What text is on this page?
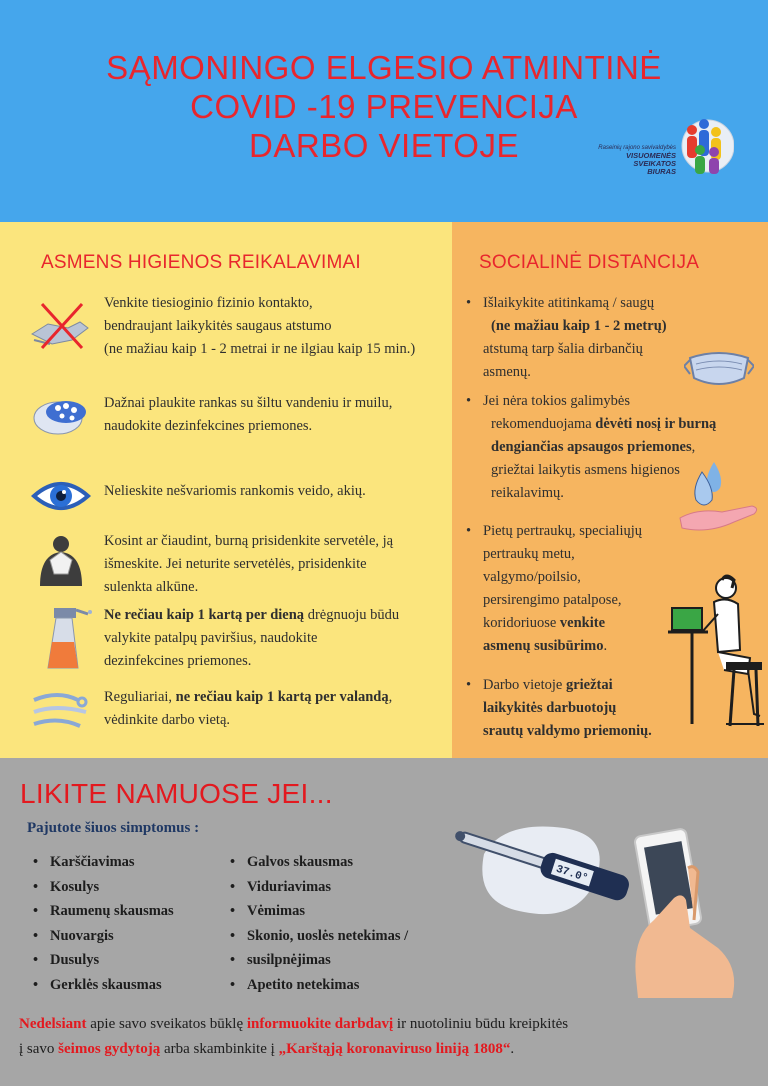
SĄMONINGO ELGESIO ATMINTINĖ
COVID -19 PREVENCIJA
DARBO VIETOJE	Raseinių rajono savivaldybės
VISUOMENĖS
SVEIKATOS
BIURAS
ASMENS HIGIENOS REIKALAVIMAI

Venkite tiesioginio fizinio kontakto,

bendraujant laikykitės saugaus atstumo

(ne mažiau kaip 1 - 2 metrai ir ne ilgiau kaip 15 min.)

Dažnai plaukite rankas su šiltu vandeniu ir muilu,

naudokite dezinfekcines priemones.

Nelieskite nešvariomis rankomis veido, akių.

Kosint ar čiaudint, burną prisidenkite servetėle, ją

išmeskite. Jei neturite servetėlės, prisidenkite

sulenkta alkūne.

Ne rečiau kaip 1 kartą per dieną drėgnuoju būdu

valykite patalpų paviršius, naudokite

dezinfekcines priemones.

Reguliariai, ne rečiau kaip 1 kartą per valandą,

vėdinkite darbo vietą.

SOCIALINĖ DISTANCIJA
• Išlaikykite atitinkamą / saugų

(ne mažiau kaip 1 - 2 metrų)

atstumą tarp šalia dirbančių

asmenų.

• Jei nėra tokios galimybės

rekomenduojama dėvėti nosį ir burną

dengiančias apsaugos priemones,

griežtai laikytis asmens higienos

reikalavimų.

• Pietų pertraukų, specialiųjų

pertraukų metu,

valgymo/poilsio,

persirengimo patalpose,

koridoriuose venkite

asmenų susibūrimo.

• Darbo vietoje griežtai

laikykitės darbuotojų

srautų valdymo priemonių.

LIKITE NAMUOSE JEI...
Pajutote šiuos simptomus :
• Karščiavimas
• Kosulys
• Raumenų skausmas
• Nuovargis
• Dusulys
• Gerklės skausmas
• Galvos skausmas
• Viduriavimas
• Vėmimas
• Skonio, uoslės netekimas /
• susilpnėjimas
• Apetito netekimas
37.0°

Nedelsiant apie savo sveikatos būklę informuokite darbdavį ir nuotoliniu būdu kreipkitės

į savo šeimos gydytoją arba skambinkite į „Karštąją koronaviruso liniją 1808“.
